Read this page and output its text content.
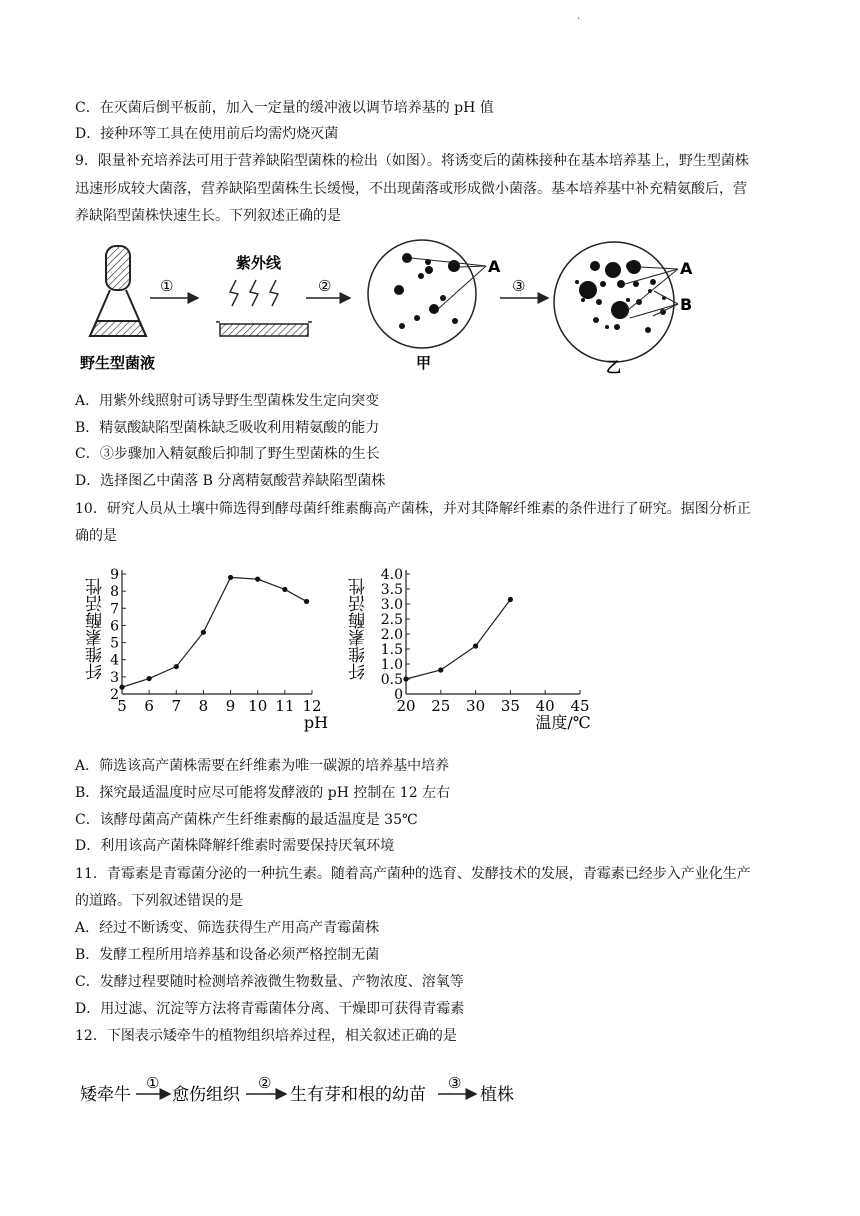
·
C．在灭菌后倒平板前，加入一定量的缓冲液以调节培养基的 pH 值
D．接种环等工具在使用前后均需灼烧灭菌
9．限量补充培养法可用于营养缺陷型菌株的检出（如图）。将诱变后的菌株接种在基本培养基上，野生型菌株
迅速形成较大菌落，营养缺陷型菌株生长缓慢，不出现菌落或形成微小菌落。基本培养基中补充精氨酸后，营
养缺陷型菌株快速生长。下列叙述正确的是
野生型菌液
①
紫外线
②
A
甲
③
A
B
乙
A．用紫外线照射可诱导野生型菌株发生定向突变
B．精氨酸缺陷型菌株缺乏吸收利用精氨酸的能力
C．③步骤加入精氨酸后抑制了野生型菌株的生长
D．选择图乙中菌落 B 分离精氨酸营养缺陷型菌株
10．研究人员从土壤中筛选得到酵母菌纤维素酶高产菌株，并对其降解纤维素的条件进行了研究。据图分析正
确的是
5 6 7 8 9 10 11 12
2
3
4
5
6
7
8
9
纤维素酶活性
pH
20 25 30 35 40 45
0
0.5
1.0
1.5
2.0
2.5
3.0
3.5
4.0
纤维素酶活性
温度/℃
A．筛选该高产菌株需要在纤维素为唯一碳源的培养基中培养
B．探究最适温度时应尽可能将发酵液的 pH 控制在 12 左右
C．该酵母菌高产菌株产生纤维素酶的最适温度是 35℃
D．利用该高产菌株降解纤维素时需要保持厌氧环境
11．青霉素是青霉菌分泌的一种抗生素。随着高产菌种的选育、发酵技术的发展，青霉素已经步入产业化生产
的道路。下列叙述错误的是
A．经过不断诱变、筛选获得生产用高产青霉菌株
B．发酵工程所用培养基和设备必须严格控制无菌
C．发酵过程要随时检测培养液微生物数量、产物浓度、溶氧等
D．用过滤、沉淀等方法将青霉菌体分离、干燥即可获得青霉素
12．下图表示矮牵牛的植物组织培养过程，相关叙述正确的是
矮牵牛
①
愈伤组织
②
生有芽和根的幼苗
③
植株
